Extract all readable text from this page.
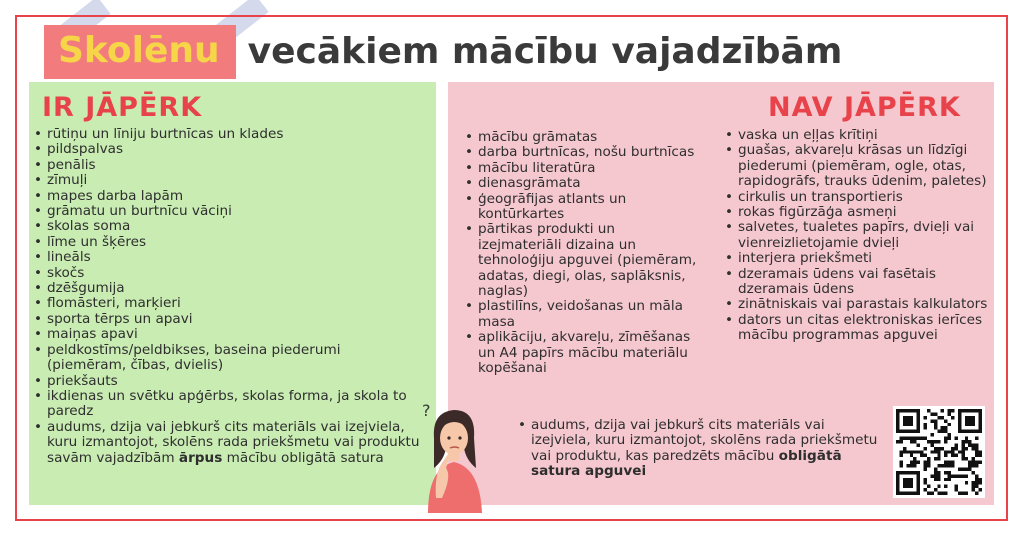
Skolēnu vecākiem mācību vajadzībām
IR JĀPĒRK
• rūtiņu un līniju burtnīcas un klades
• pildspalvas
• penālis
• zīmuļi
• mapes darba lapām
• grāmatu un burtnīcu vāciņi
• skolas soma
• līme un šķēres
• lineāls
• skočs
• dzēšgumija
• flomāsteri, marķieri
• sporta tērps un apavi
• maiņas apavi
• peldkostīms/peldbikses, baseina piederumi (piemēram, čības, dvielis)
• priekšauts
• ikdienas un svētku apģērbs, skolas forma, ja skola to paredz
• audums, dzija vai jebkurš cits materiāls vai izejviela, kuru izmantojot, skolēns rada priekšmetu vai produktu savām vajadzībām ārpus mācību obligātā satura
NAV JĀPĒRK
• mācību grāmatas
• darba burtnīcas, nošu burtnīcas
• mācību literatūra
• dienasgrāmata
• ģeogrāfijas atlants un kontūrkartes
• pārtikas produkti un izejmateriāli dizaina un tehnoloģiju apguvei (piemēram, adatas, diegi, olas, saplāksnis, naglas)
• plastilīns, veidošanas un māla masa
• aplikāciju, akvareļu, zīmēšanas un A4 papīrs mācību materiālu kopēšanai
• vaska un eļļas krītiņi
• guašas, akvareļu krāsas un līdzīgi piederumi (piemēram, ogle, otas, rapidogrāfs, trauks ūdenim, paletes)
• cirkulis un transportieris
• rokas figūrzāģa asmeņi
• salvetes, tualetes papīrs, dvieļi vai vienreizlietojamie dvieļi
• interjera priekšmeti
• dzeramais ūdens vai fasētais dzeramais ūdens
• zinātniskais vai parastais kalkulators
• dators un citas elektroniskas ierīces mācību programmas apguvei
• audums, dzija vai jebkurš cits materiāls vai izejviela, kuru izmantojot, skolēns rada priekšmetu vai produktu, kas paredzēts mācību obligātā satura apguvei
?
